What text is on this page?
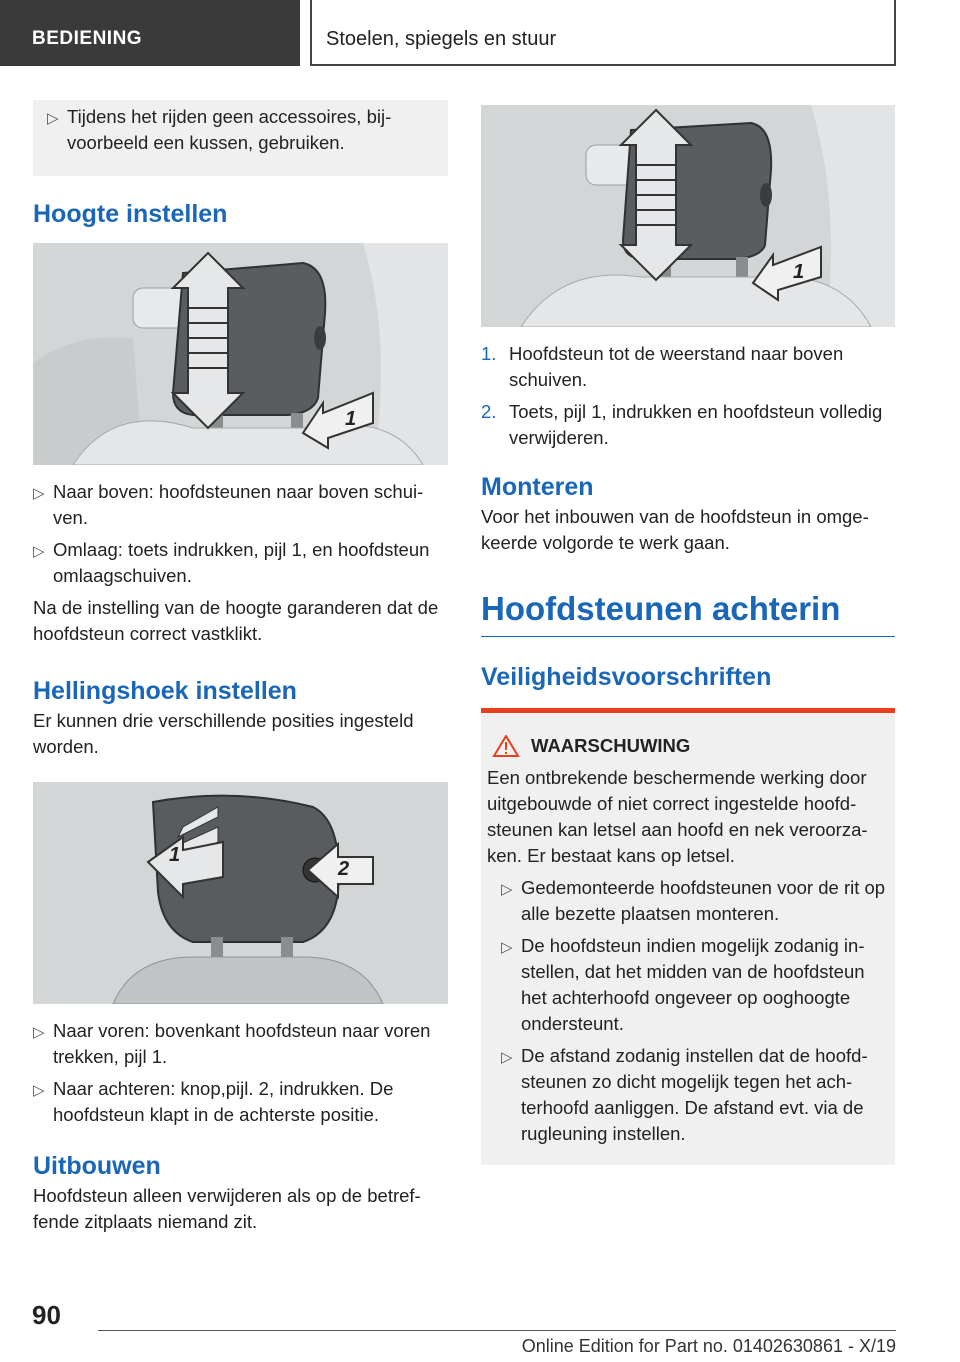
BEDIENING	Stoelen, spiegels en stuur
▷ Tijdens het rijden geen accessoires, bijvoorbeeld een kussen, gebruiken.
Hoogte instellen
1
▷ Naar boven: hoofdsteunen naar boven schuiven.
▷ Omlaag: toets indrukken, pijl 1, en hoofdsteun omlaagschuiven.

Na de instelling van de hoogte garanderen dat de hoofdsteun correct vastklikt.

Hellingshoek instellen

Er kunnen drie verschillende posities ingesteld worden.

1
2
▷ Naar voren: bovenkant hoofdsteun naar voren trekken, pijl 1.
▷ Naar achteren: knop,pijl. 2, indrukken. De hoofdsteun klapt in de achterste positie.
Uitbouwen

Hoofdsteun alleen verwijderen als op de betreffende zitplaats niemand zit.

1
1. Hoofdsteun tot de weerstand naar boven schuiven.
2. Toets, pijl 1, indrukken en hoofdsteun volledig verwijderen.
Monteren

Voor het inbouwen van de hoofdsteun in omgekeerde volgorde te werk gaan.

Hoofdsteunen achterin
Veiligheidsvoorschriften
WAARSCHUWING

Een ontbrekende beschermende werking door uitgebouwde of niet correct ingestelde hoofdsteunen kan letsel aan hoofd en nek veroorzaken. Er bestaat kans op letsel.

▷ Gedemonteerde hoofdsteunen voor de rit op alle bezette plaatsen monteren.
▷ De hoofdsteun indien mogelijk zodanig instellen, dat het midden van de hoofdsteun het achterhoofd ongeveer op ooghoogte ondersteunt.
▷ De afstand zodanig instellen dat de hoofdsteunen zo dicht mogelijk tegen het achterhoofd aanliggen. De afstand evt. via de rugleuning instellen.
90
Online Edition for Part no. 01402630861 - X/19
